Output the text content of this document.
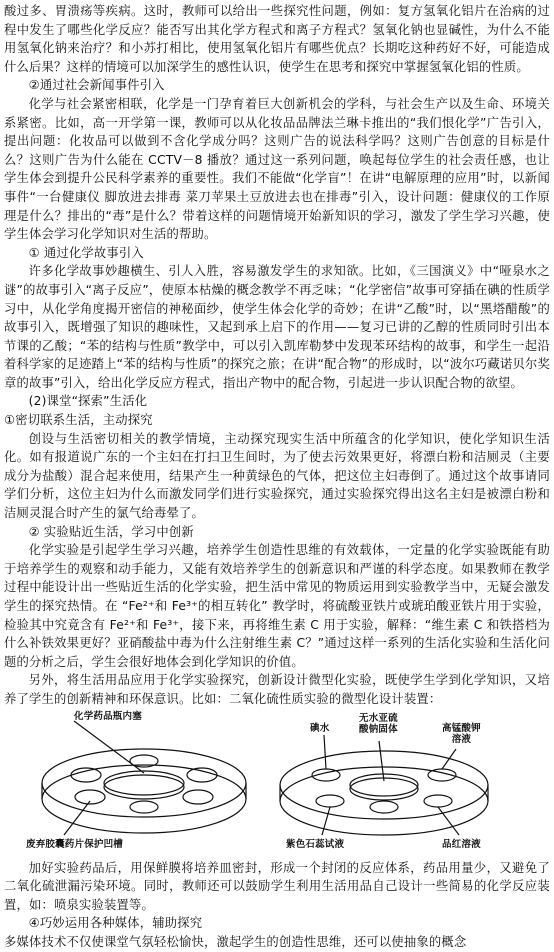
酸过多、胃溃疡等疾病。这时，教师可以给出一些探究性问题，例如：复方氢氧化铝片在治病的过程中发生了哪些化学反应？能否写出其化学方程式和离子方程式？氢氧化钠也显碱性，为什么不能用氢氧化钠来治疗？和小苏打相比，使用氢氧化铝片有哪些优点？长期吃这种药好不好，可能造成什么后果？这样的情境可以加深学生的感性认识，使学生在思考和探究中掌握氢氧化铝的性质。

②通过社会新闻事件引入

化学与社会紧密相联，化学是一门孕育着巨大创新机会的学科，与社会生产以及生命、环境关系紧密。比如，高一开学第一课，教师可以从化妆品品牌法兰琳卡推出的“我们恨化学”广告引入，提出问题：化妆品可以做到不含化学成分吗？这则广告的说法科学吗？这则广告创意的目标是什么？这则广告为什么能在 CCTV－8 播放？通过这一系列问题，唤起每位学生的社会责任感，也让学生体会到提升公民科学素养的重要性。我们不能做“化学盲”！在讲“电解原理的应用”时，以新闻事件“一台健康仪 脚放进去排毒 菜刀苹果土豆放进去也在排毒”引入，设计问题：健康仪的工作原理是什么？排出的“毒”是什么？带着这样的问题情境开始新知识的学习，激发了学生学习兴趣，使学生体会学习化学知识对生活的帮助。

① 通过化学故事引入

许多化学故事妙趣横生、引人入胜，容易激发学生的求知欲。比如，《三国演义》中“哑泉水之谜”的故事引入“离子反应”，使原本枯燥的概念教学不再乏味；“化学密信”故事可穿插在碘的性质学习中，从化学角度揭开密信的神秘面纱，使学生体会化学的奇妙；在讲“乙酸”时，以“黑塔醋酸”的故事引入，既增强了知识的趣味性，又起到承上启下的作用——复习已讲的乙醇的性质同时引出本节课的乙酸；“苯的结构与性质”教学中，可以引入凯库勒梦中发现苯环结构的故事，和学生一起沿着科学家的足迹踏上“苯的结构与性质”的探究之旅；在讲“配合物”的形成时，以“波尔巧藏诺贝尔奖章的故事”引入，给出化学反应方程式，指出产物中的配合物，引起进一步认识配合物的欲望。

(2)课堂“探索”生活化

①密切联系生活，主动探究

创设与生活密切相关的教学情境，主动探究现实生活中所蕴含的化学知识，使化学知识生活化。如有报道说广东的一个主妇在打扫卫生间时，为了使去污效果更好，将漂白粉和洁厕灵（主要成分为盐酸）混合起来使用，结果产生一种黄绿色的气体，把这位主妇毒倒了。通过这个故事请同学们分析，这位主妇为什么而激发同学们进行实验探究，通过实验探究得出这名主妇是被漂白粉和洁厕灵混合时产生的氯气给毒晕了。

② 实验贴近生活，学习中创新

化学实验是引起学生学习兴趣，培养学生创造性思维的有效载体，一定量的化学实验既能有助于培养学生的观察和动手能力，又能有效培养学生的创新意识和严谨的科学态度。如果教师在教学过程中能设计出一些贴近生活的化学实验，把生活中常见的物质运用到实验教学当中，无疑会激发学生的探究热情。在 “Fe²⁺和 Fe³⁺的相互转化” 教学时，将硫酸亚铁片或琥珀酸亚铁片用于实验，检验其中究竟含有 Fe²⁺和 Fe³⁺，接下来，再将维生素 C 用于实验，解释：“维生素 C 和铁搭档为什么补铁效果更好？亚硝酸盐中毒为什么注射维生素 C？”通过这样一系列的生活化实验和生活化问题的分析之后，学生会很好地体会到化学知识的价值。

另外，将生活用品应用于化学实验探究，创新设计微型化实验，既使学生学到化学知识，又培养了学生的创新精神和环保意识。比如：二氧化硫性质实验的微型化设计装置：

化学药品瓶内塞
废弃胶囊药片保护凹槽
碘水
无水亚硫
酸钠固体	高锰酸钾
溶液
紫色石蕊试液	品红溶液

加好实验药品后，用保鲜膜将培养皿密封，形成一个封闭的反应体系，药品用量少，又避免了二氧化硫泄漏污染环境。同时，教师还可以鼓励学生利用生活用品自己设计一些简易的化学反应装置，如：喷泉实验装置等。

④巧妙运用各种媒体，辅助探究

多媒体技术不仅使课堂气氛轻松愉快，激起学生的创造性思维，还可以使抽象的概念
